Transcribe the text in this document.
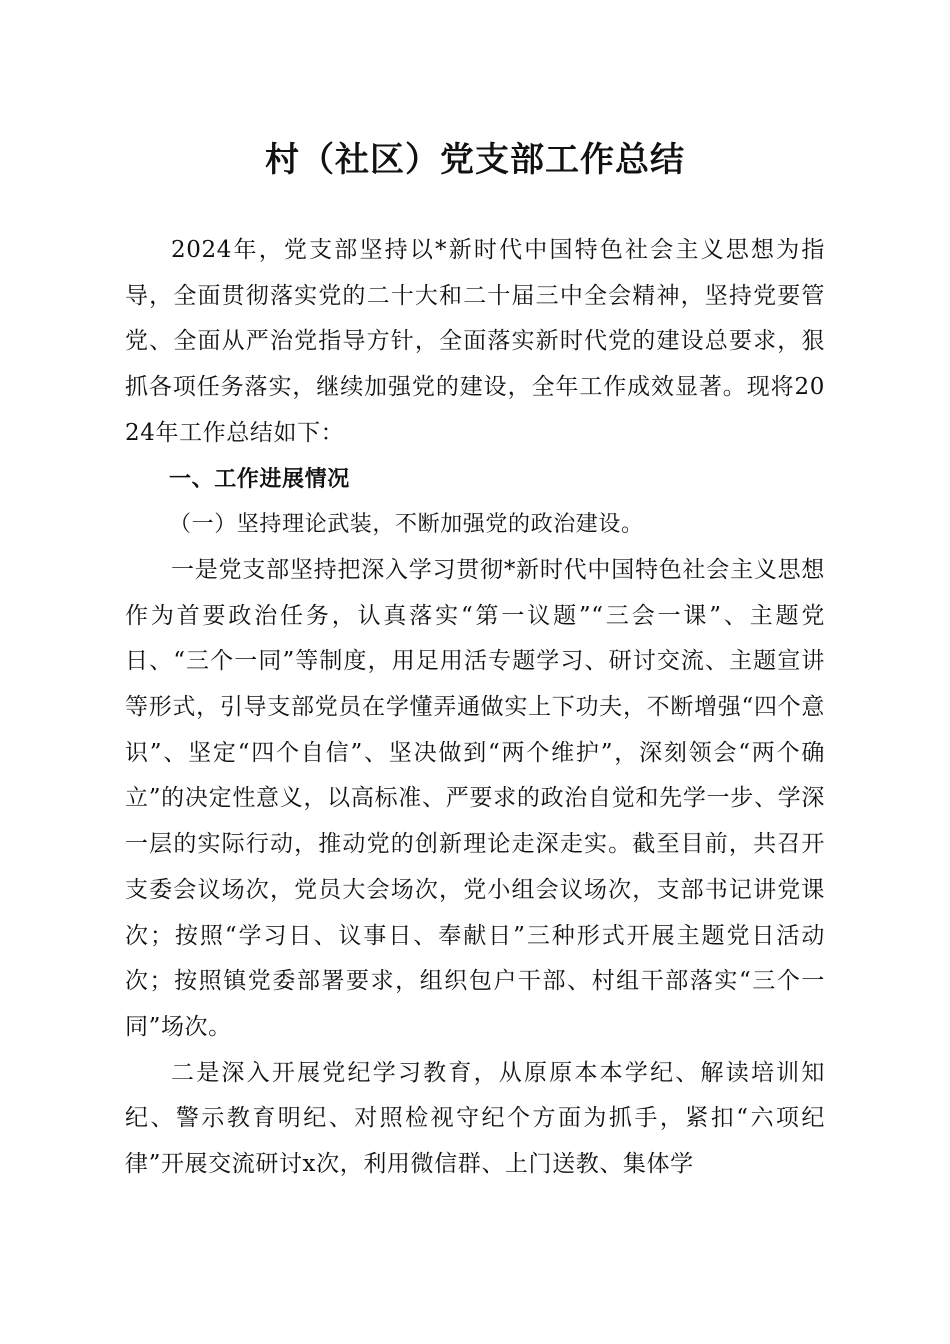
村（社区）党支部工作总结

2024年，党支部坚持以*新时代中国特色社会主义思想为指导，全面贯彻落实党的二十大和二十届三中全会精神，坚持党要管党、全面从严治党指导方针，全面落实新时代党的建设总要求，狠抓各项任务落实，继续加强党的建设，全年工作成效显著。现将2024年工作总结如下：

一、工作进展情况

（一）坚持理论武装，不断加强党的政治建设。

一是党支部坚持把深入学习贯彻*新时代中国特色社会主义思想作为首要政治任务，认真落实“第一议题”“三会一课”、主题党日、“三个一同”等制度，用足用活专题学习、研讨交流、主题宣讲等形式，引导支部党员在学懂弄通做实上下功夫，不断增强“四个意识”、坚定“四个自信”、坚决做到“两个维护”，深刻领会“两个确立”的决定性意义，以高标准、严要求的政治自觉和先学一步、学深一层的实际行动，推动党的创新理论走深走实。截至目前，共召开支委会议场次，党员大会场次，党小组会议场次，支部书记讲党课次；按照“学习日、议事日、奉献日”三种形式开展主题党日活动次；按照镇党委部署要求，组织包户干部、村组干部落实“三个一同”场次。

二是深入开展党纪学习教育，从原原本本学纪、解读培训知纪、警示教育明纪、对照检视守纪个方面为抓手，紧扣“六项纪律”开展交流研讨x次，利用微信群、上门送教、集体学
